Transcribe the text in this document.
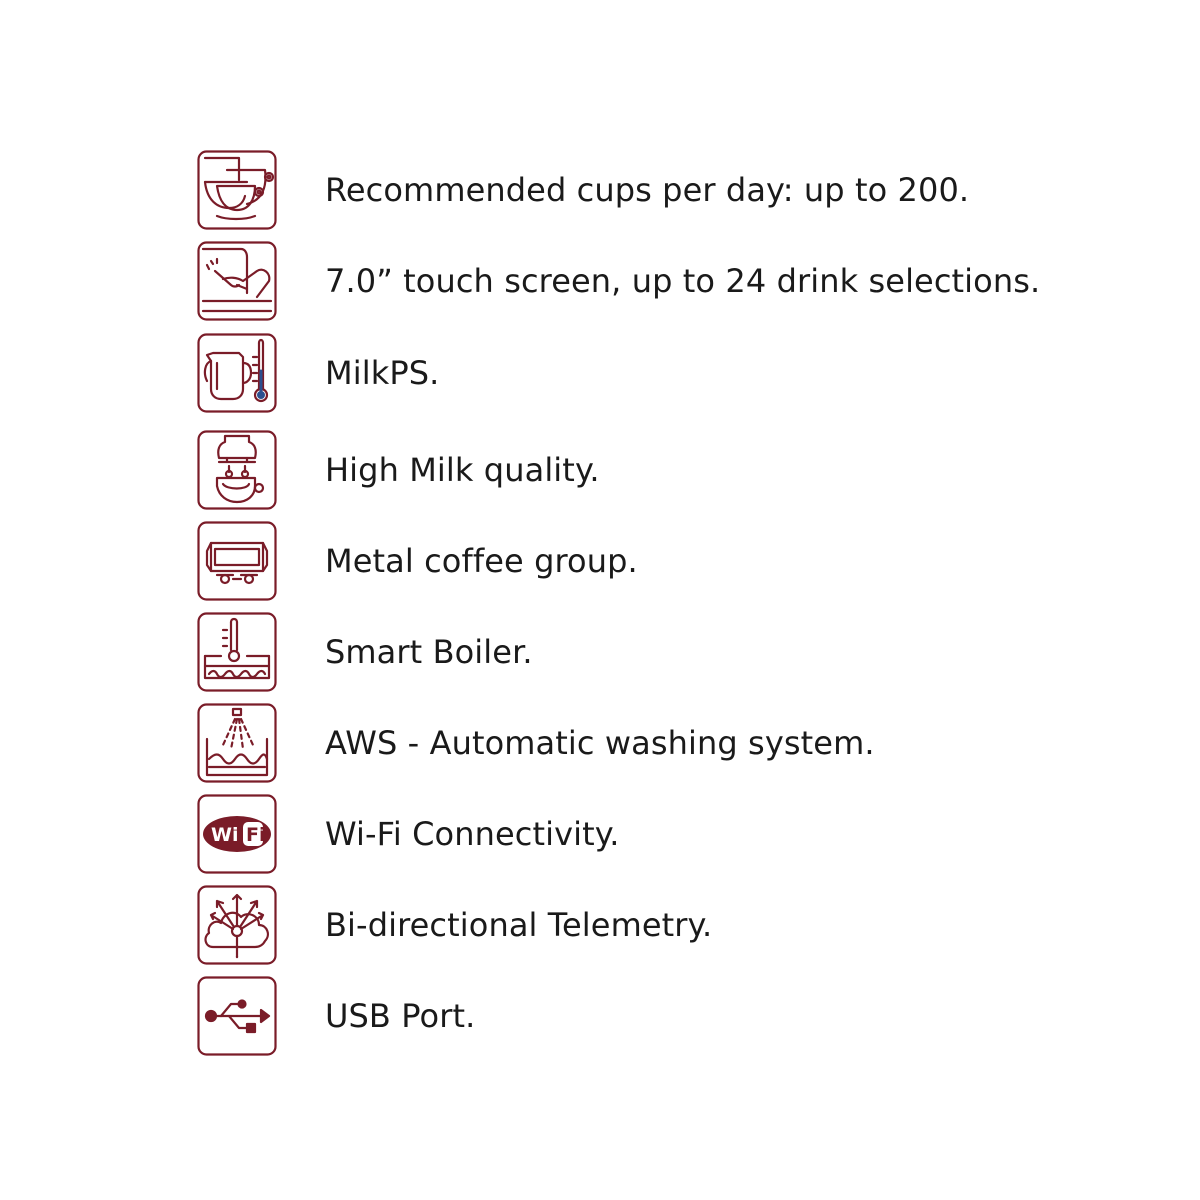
Recommended cups per day: up to 200.
7.0” touch screen, up to 24 drink selections.
MilkPS.
High Milk quality.
Metal coffee group.
Smart Boiler.
AWS - Automatic washing system.
Wi Fi Wi-Fi Connectivity.
Bi-directional Telemetry.
USB Port.
